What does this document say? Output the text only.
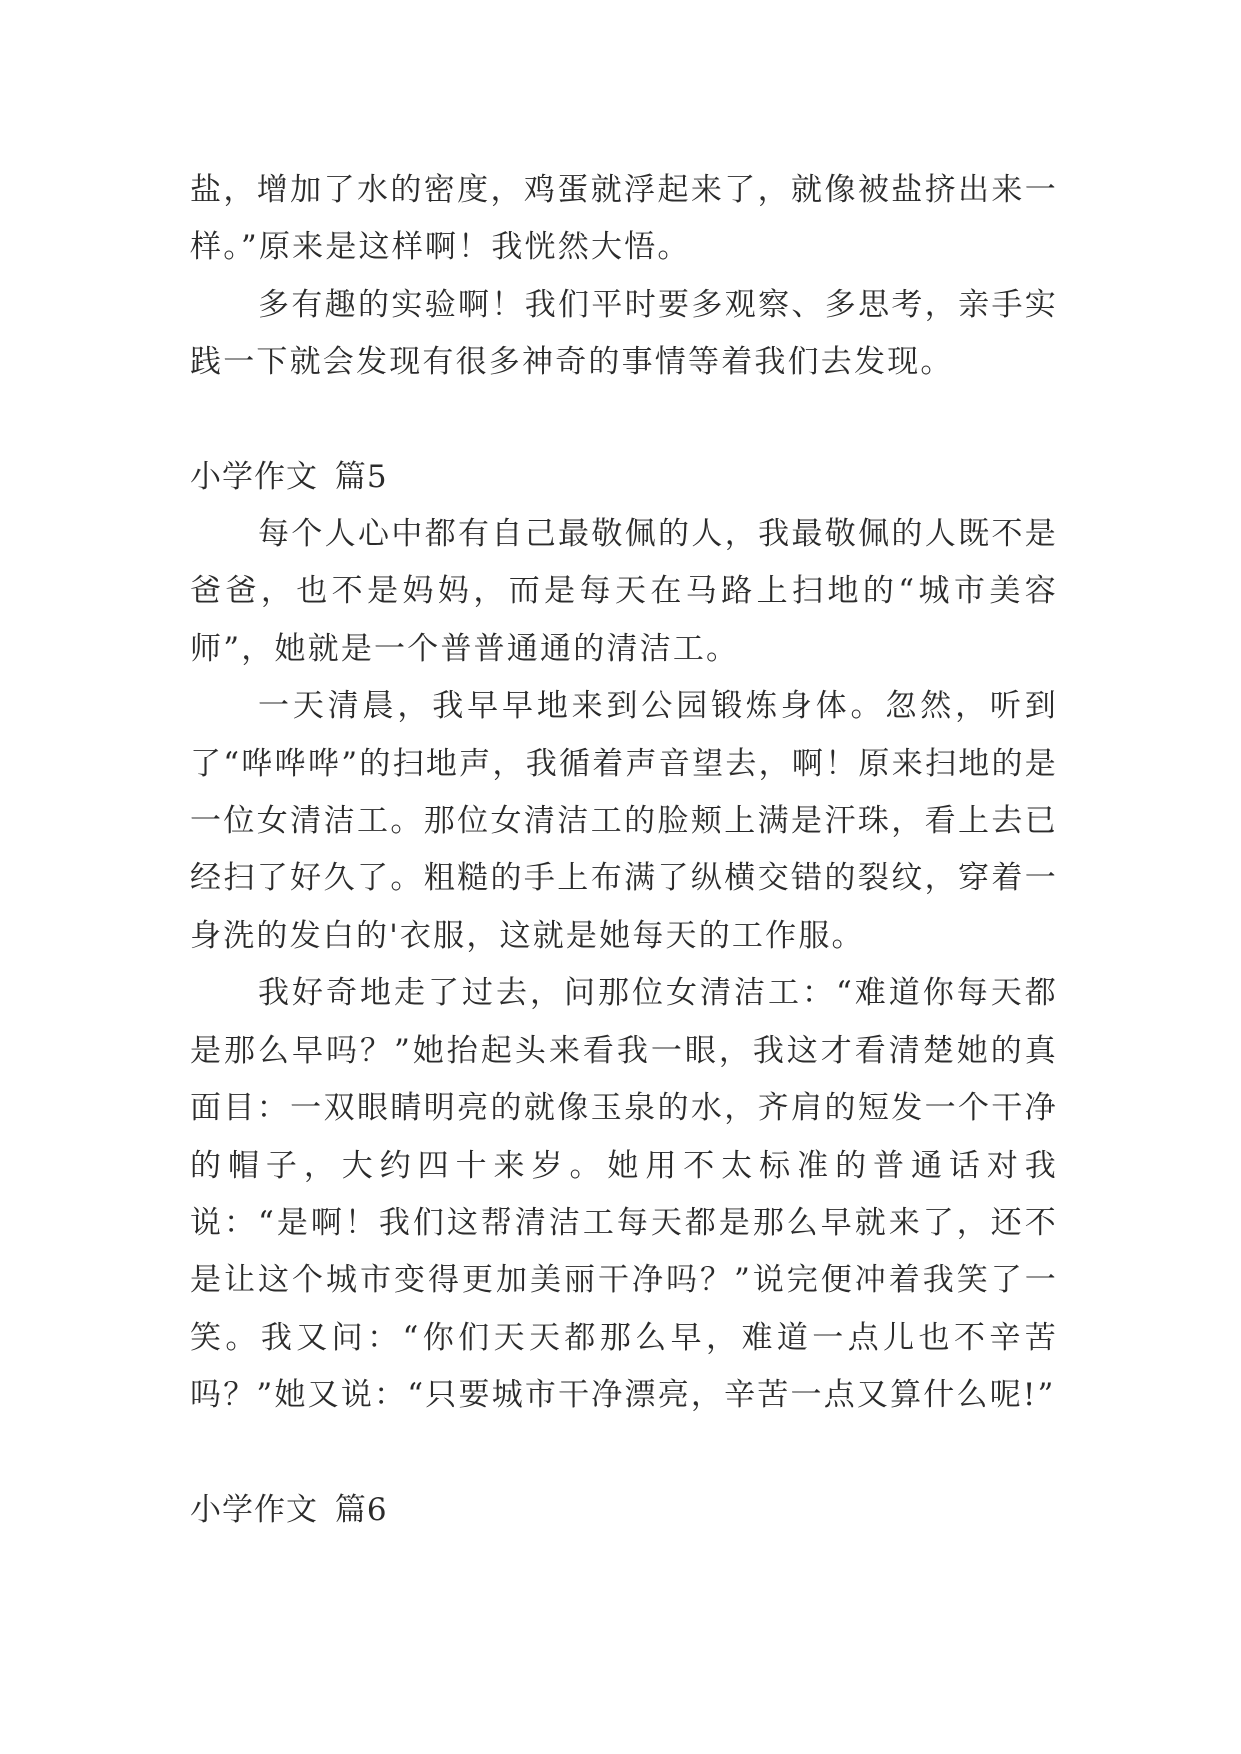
盐，增加了水的密度，鸡蛋就浮起来了，就像被盐挤出来一样。”原来是这样啊！我恍然大悟。

多有趣的实验啊！我们平时要多观察、多思考，亲手实践一下就会发现有很多神奇的事情等着我们去发现。

小学作文 篇5

每个人心中都有自己最敬佩的人，我最敬佩的人既不是爸爸，也不是妈妈，而是每天在马路上扫地的“城市美容师”，她就是一个普普通通的清洁工。

一天清晨，我早早地来到公园锻炼身体。忽然，听到了“哗哗哗”的扫地声，我循着声音望去，啊！原来扫地的是一位女清洁工。那位女清洁工的脸颊上满是汗珠，看上去已经扫了好久了。粗糙的手上布满了纵横交错的裂纹，穿着一身洗的发白的'衣服，这就是她每天的工作服。

我好奇地走了过去，问那位女清洁工：“难道你每天都是那么早吗？”她抬起头来看我一眼，我这才看清楚她的真面目：一双眼睛明亮的就像玉泉的水，齐肩的短发一个干净的帽子，大约四十来岁。她用不太标准的普通话对我说：“是啊！我们这帮清洁工每天都是那么早就来了，还不是让这个城市变得更加美丽干净吗？”说完便冲着我笑了一笑。我又问：“你们天天都那么早，难道一点儿也不辛苦吗？”她又说：“只要城市干净漂亮，辛苦一点又算什么呢!”

小学作文 篇6
